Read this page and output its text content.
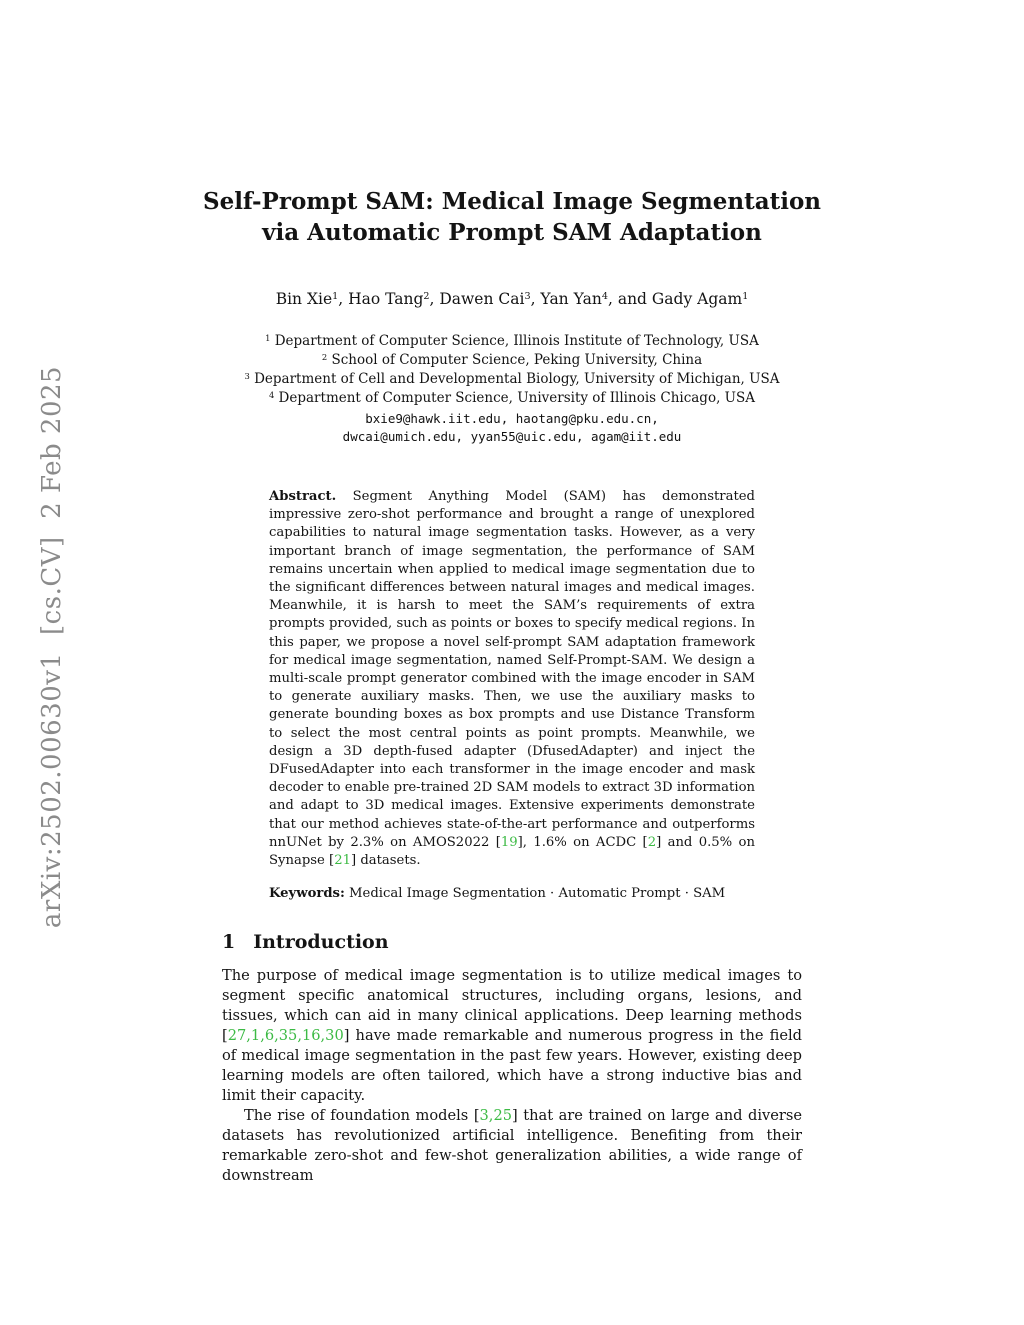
arXiv:2502.00630v1  [cs.CV]  2 Feb 2025
Self-Prompt SAM: Medical Image Segmentation
via Automatic Prompt SAM Adaptation
Bin Xie$^1$, Hao Tang$^2$, Dawen Cai$^3$, Yan Yan$^4$, and Gady Agam$^1$
$^1$ Department of Computer Science, Illinois Institute of Technology, USA
$^2$ School of Computer Science, Peking University, China
$^3$ Department of Cell and Developmental Biology, University of Michigan, USA
$^4$ Department of Computer Science, University of Illinois Chicago, USA
bxie9@hawk.iit.edu, haotang@pku.edu.cn,
dwcai@umich.edu, yyan55@uic.edu, agam@iit.edu
Abstract. Segment Anything Model (SAM) has demonstrated impressive zero-shot performance and brought a range of unexplored capabilities to natural image segmentation tasks. However, as a very important branch of image segmentation, the performance of SAM remains uncertain when applied to medical image segmentation due to the significant differences between natural images and medical images. Meanwhile, it is harsh to meet the SAM’s requirements of extra prompts provided, such as points or boxes to specify medical regions. In this paper, we propose a novel self-prompt SAM adaptation framework for medical image segmentation, named Self-Prompt-SAM. We design a multi-scale prompt generator combined with the image encoder in SAM to generate auxiliary masks. Then, we use the auxiliary masks to generate bounding boxes as box prompts and use Distance Transform to select the most central points as point prompts. Meanwhile, we design a 3D depth-fused adapter (DfusedAdapter) and inject the DFusedAdapter into each transformer in the image encoder and mask decoder to enable pre-trained 2D SAM models to extract 3D information and adapt to 3D medical images. Extensive experiments demonstrate that our method achieves state-of-the-art performance and outperforms nnUNet by 2.3% on AMOS2022 [19], 1.6% on ACDC [2] and 0.5% on Synapse [21] datasets.
Keywords: Medical Image Segmentation · Automatic Prompt · SAM
1 Introduction

The purpose of medical image segmentation is to utilize medical images to segment specific anatomical structures, including organs, lesions, and tissues, which can aid in many clinical applications. Deep learning methods [27,1,6,35,16,30] have made remarkable and numerous progress in the field of medical image segmentation in the past few years. However, existing deep learning models are often tailored, which have a strong inductive bias and limit their capacity.

The rise of foundation models [3,25] that are trained on large and diverse datasets has revolutionized artificial intelligence. Benefiting from their remarkable zero-shot and few-shot generalization abilities, a wide range of downstream
